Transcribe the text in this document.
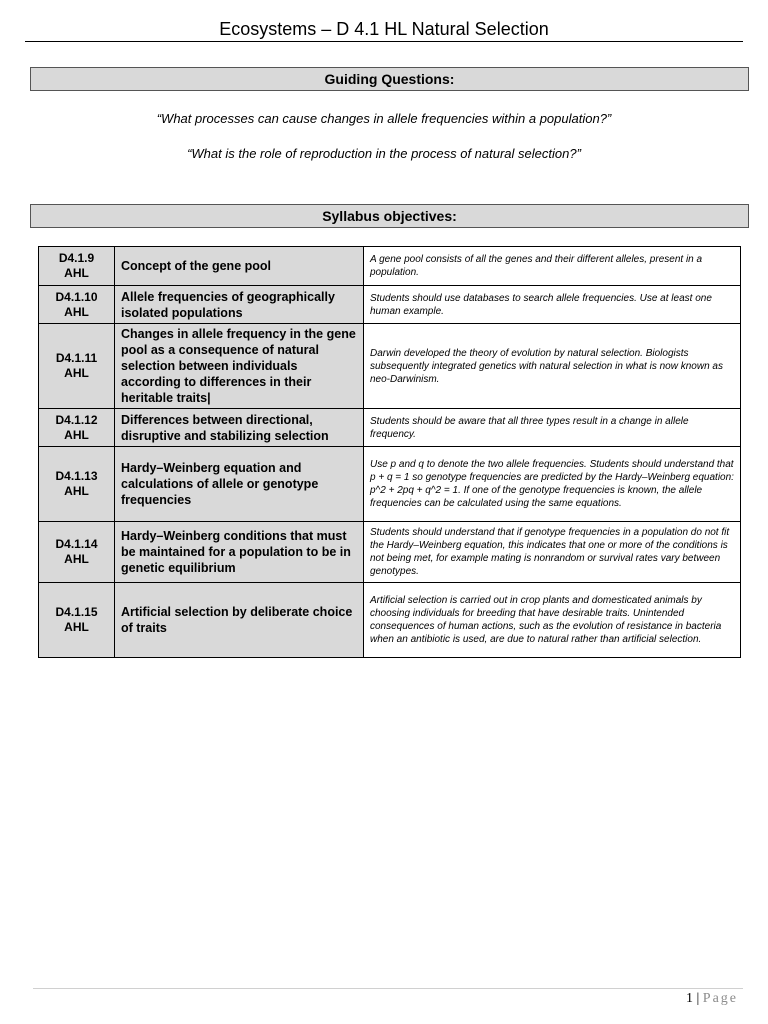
Ecosystems – D 4.1 HL Natural Selection
Guiding Questions:
“What processes can cause changes in allele frequencies within a population?”
“What is the role of reproduction in the process of natural selection?”
Syllabus objectives:
D4.1.9
AHL	Concept of the gene pool	A gene pool consists of all the genes and their different alleles, present in a population.

D4.1.10
AHL	Allele frequencies of geographically isolated populations	Students should use databases to search allele frequencies. Use at least one human example.

D4.1.11
AHL	Changes in allele frequency in the gene pool as a consequence of natural selection between individuals according to differences in their heritable traits|	Darwin developed the theory of evolution by natural selection. Biologists subsequently integrated genetics with natural selection in what is now known as neo-Darwinism.

D4.1.12
AHL	Differences between directional, disruptive and stabilizing selection	Students should be aware that all three types result in a change in allele frequency.

D4.1.13
AHL	Hardy–Weinberg equation and calculations of allele or genotype frequencies	Use p and q to denote the two allele frequencies. Students should understand that p + q = 1 so genotype frequencies are predicted by the Hardy–Weinberg equation: p^2 + 2pq + q^2 = 1. If one of the genotype frequencies is known, the allele frequencies can be calculated using the same equations.

D4.1.14
AHL	Hardy–Weinberg conditions that must be maintained for a population to be in genetic equilibrium	Students should understand that if genotype frequencies in a population do not fit the Hardy–Weinberg equation, this indicates that one or more of the conditions is not being met, for example mating is nonrandom or survival rates vary between genotypes.

D4.1.15
AHL	Artificial selection by deliberate choice of traits	Artificial selection is carried out in crop plants and domesticated animals by choosing individuals for breeding that have desirable traits. Unintended consequences of human actions, such as the evolution of resistance in bacteria when an antibiotic is used, are due to natural rather than artificial selection.
1 | Page
